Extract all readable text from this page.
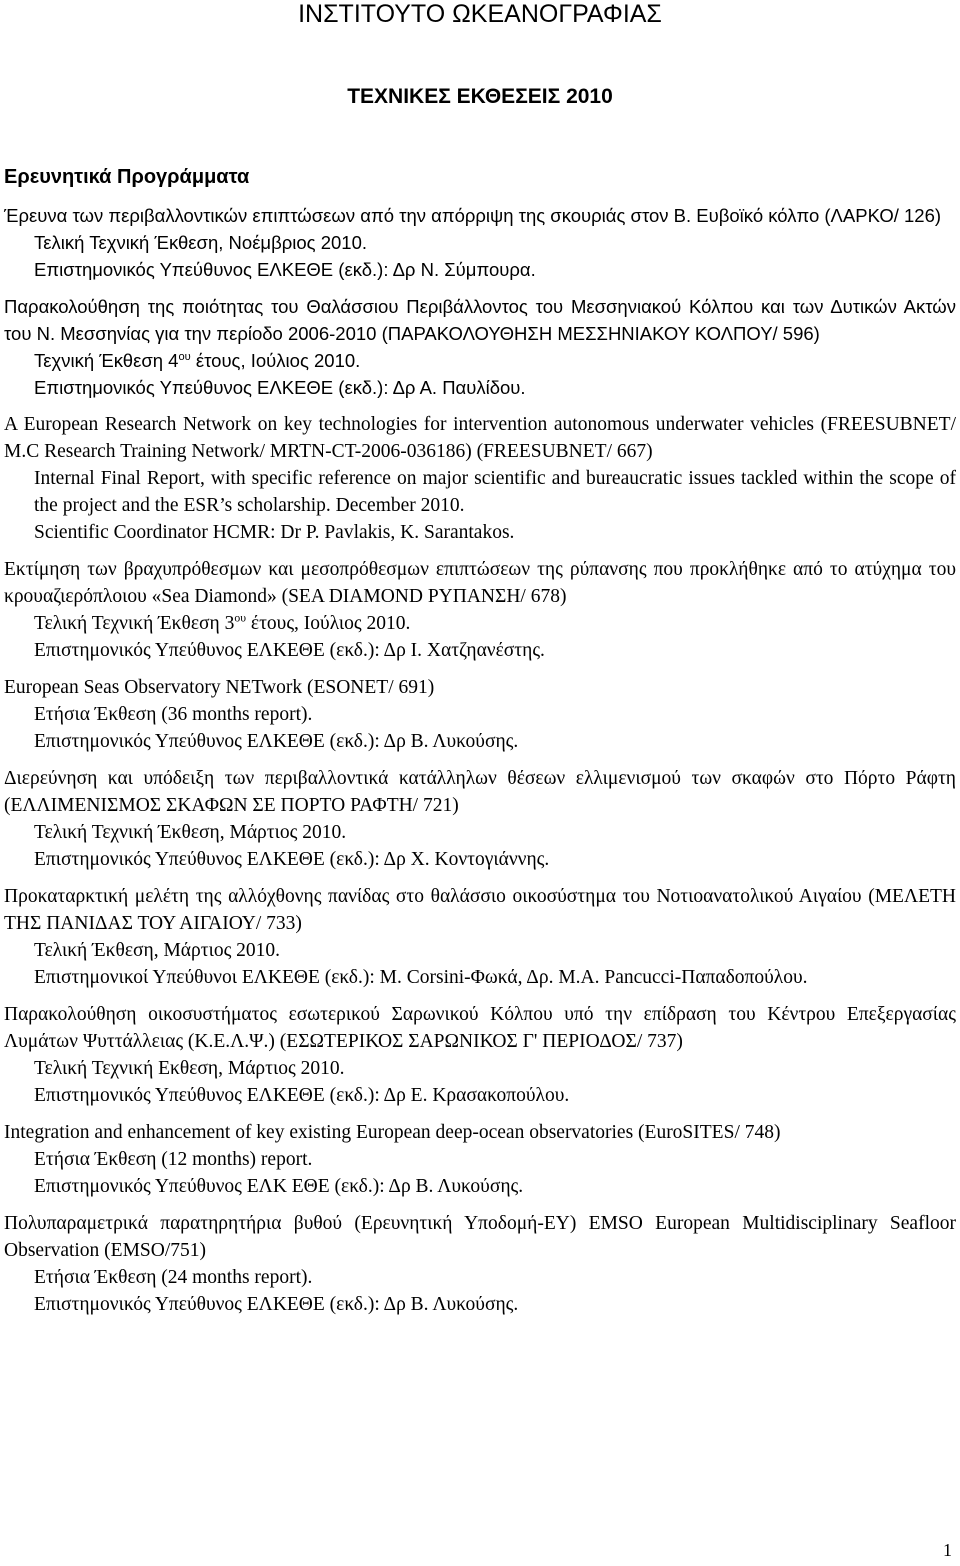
ΙΝΣΤΙΤΟΥΤΟ ΩΚΕΑΝΟΓΡΑΦΙΑΣ
ΤΕΧΝΙΚΕΣ ΕΚΘΕΣΕΙΣ 2010
Ερευνητικά Προγράμματα

Έρευνα των περιβαλλοντικών επιπτώσεων από την απόρριψη της σκουριάς στον Β. Ευβοϊκό κόλπο (ΛΑΡΚΟ/ 126)

Τελική Τεχνική Έκθεση, Νοέμβριος 2010.

Επιστημονικός Υπεύθυνος ΕΛΚΕΘΕ (εκδ.): Δρ Ν. Σύμπουρα.

Παρακολούθηση της ποιότητας του Θαλάσσιου Περιβάλλοντος του Μεσσηνιακού Κόλπου και των Δυτικών Ακτών του Ν. Μεσσηνίας για την περίοδο 2006-2010 (ΠΑΡΑΚΟΛΟΥΘΗΣΗ ΜΕΣΣΗΝΙΑΚΟΥ ΚΟΛΠΟΥ/ 596)

Τεχνική Έκθεση $4^{o\upsilon}$ έτους, Ιούλιος 2010.

Επιστημονικός Υπεύθυνος ΕΛΚΕΘΕ (εκδ.): Δρ Α. Παυλίδου.

A European Research Network on key technologies for intervention autonomous underwater vehicles (FREESUBNET/ M.C Research Training Network/ MRTN-CT-2006-036186) (FREESUBNET/ 667)

Internal Final Report, with specific reference on major scientific and bureaucratic issues tackled within the scope of the project and the ESR’s scholarship. December 2010.

Scientific Coordinator HCMR: Dr P. Pavlakis, K. Sarantakos.

Εκτίμηση των βραχυπρόθεσμων και μεσοπρόθεσμων επιπτώσεων της ρύπανσης που προκλήθηκε από το ατύχημα του κρουαζιερόπλοιου «Sea Diamond» (SEA DIAMOND ΡΥΠΑΝΣΗ/ 678)

Τελική Τεχνική Έκθεση $3^{o\upsilon}$ έτους, Ιούλιος 2010.

Επιστημονικός Υπεύθυνος ΕΛΚΕΘΕ (εκδ.): Δρ Ι. Χατζηανέστης.

European Seas Observatory NETwork (ESONET/ 691)

Ετήσια Έκθεση (36 months report).

Επιστημονικός Υπεύθυνος ΕΛΚΕΘΕ (εκδ.): Δρ Β. Λυκούσης.

Διερεύνηση και υπόδειξη των περιβαλλοντικά κατάλληλων θέσεων ελλιμενισμού των σκαφών στο Πόρτο Ράφτη (ΕΛΛΙΜΕΝΙΣΜΟΣ ΣΚΑΦΩΝ ΣΕ ΠΟΡΤΟ ΡΑΦΤΗ/ 721)

Τελική Τεχνική Έκθεση, Μάρτιος 2010.

Επιστημονικός Υπεύθυνος ΕΛΚΕΘΕ (εκδ.): Δρ Χ. Κοντογιάννης.

Προκαταρκτική μελέτη της αλλόχθονης πανίδας στο θαλάσσιο οικοσύστημα του Νοτιοανατολικού Αιγαίου (ΜΕΛΕΤΗ ΤΗΣ ΠΑΝΙΔΑΣ ΤΟΥ ΑΙΓΑΙΟΥ/ 733)

Τελική Έκθεση, Μάρτιος 2010.

Επιστημονικοί Υπεύθυνοι ΕΛΚΕΘΕ (εκδ.): Μ. Corsini-Φωκά, Δρ. Μ.Α. Pancucci-Παπαδοπούλου.

Παρακολούθηση οικοσυστήματος εσωτερικού Σαρωνικού Κόλπου υπό την επίδραση του Κέντρου Επεξεργασίας Λυμάτων Ψυττάλλειας (Κ.Ε.Λ.Ψ.) (ΕΣΩΤΕΡΙΚΟΣ ΣΑΡΩΝΙΚΟΣ Γ' ΠΕΡΙΟΔΟΣ/ 737)

Τελική Τεχνική Εκθεση, Μάρτιος 2010.

Επιστημονικός Υπεύθυνος ΕΛΚΕΘΕ (εκδ.): Δρ Ε. Κρασακοπούλου.

Integration and enhancement of key existing European deep-ocean observatories (EuroSITES/ 748)

Ετήσια Έκθεση (12 months) report.

Επιστημονικός Υπεύθυνος ΕΛΚ ΕΘΕ (εκδ.): Δρ Β. Λυκούσης.

Πολυπαραμετρικά παρατηρητήρια βυθού (Ερευνητική Υποδομή-ΕΥ) EMSO European Multidisciplinary Seafloor Observation (EMSO/751)

Ετήσια Έκθεση (24 months report).

Επιστημονικός Υπεύθυνος ΕΛΚΕΘΕ (εκδ.): Δρ Β. Λυκούσης.

1
